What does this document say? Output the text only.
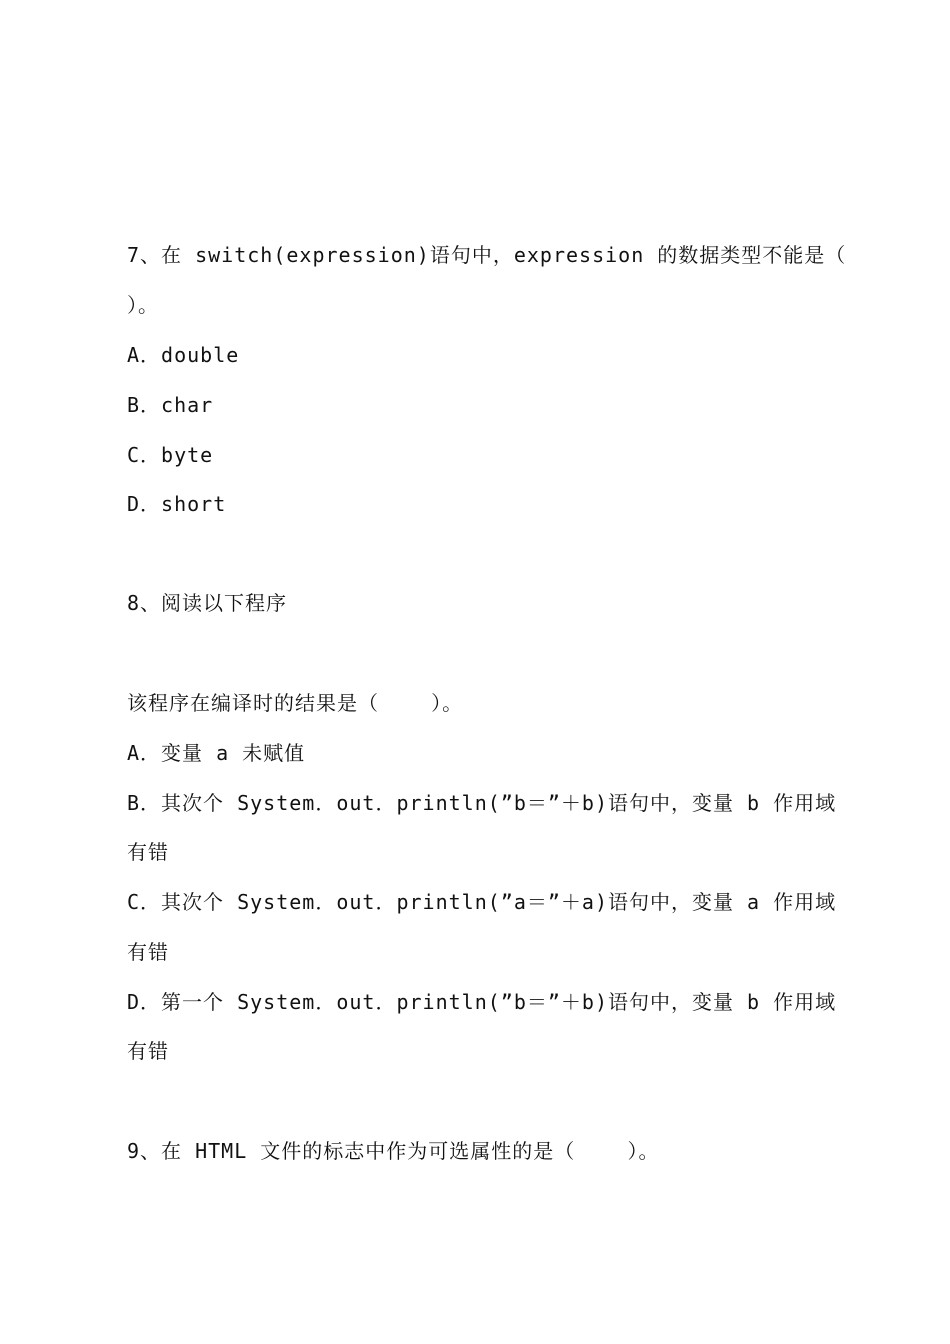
7、在 switch(expression)语句中，expression 的数据类型不能是（
）。
A．double
B．char
C．byte
D．short
8、阅读以下程序
该程序在编译时的结果是（    ）。
A．变量 a 未赋值
B．其次个 System．out．println(”b＝”＋b)语句中，变量 b 作用域
有错
C．其次个 System．out．println(”a＝”＋a)语句中，变量 a 作用域
有错
D．第一个 System．out．println(”b＝”＋b)语句中，变量 b 作用域
有错
9、在 HTML 文件的标志中作为可选属性的是（    ）。
